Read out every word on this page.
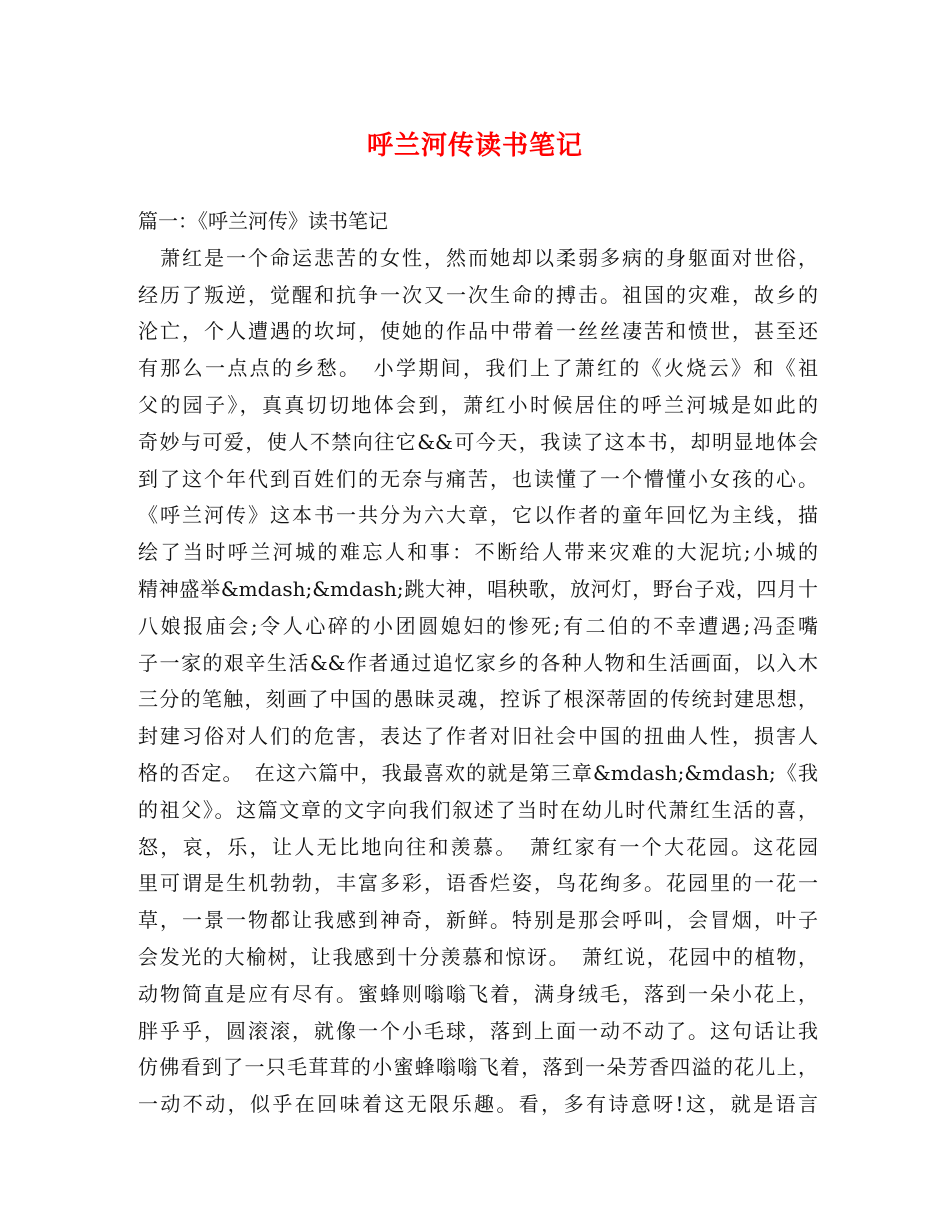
呼兰河传读书笔记
篇一：《呼兰河传》读书笔记
　萧红是一个命运悲苦的女性，然而她却以柔弱多病的身躯面对世俗，
经历了叛逆，觉醒和抗争一次又一次生命的搏击。祖国的灾难，故乡的
沦亡，个人遭遇的坎坷，使她的作品中带着一丝丝凄苦和愤世，甚至还
有那么一点点的乡愁。　小学期间，我们上了萧红的《火烧云》和《祖
父的园子》，真真切切地体会到，萧红小时候居住的呼兰河城是如此的
奇妙与可爱，使人不禁向往它&&可今天，我读了这本书，却明显地体会
到了这个年代到百姓们的无奈与痛苦，也读懂了一个懵懂小女孩的心。
《呼兰河传》这本书一共分为六大章，它以作者的童年回忆为主线，描
绘了当时呼兰河城的难忘人和事：不断给人带来灾难的大泥坑;小城的
精神盛举&mdash;&mdash;跳大神，唱秧歌，放河灯，野台子戏，四月十
八娘报庙会;令人心碎的小团圆媳妇的惨死;有二伯的不幸遭遇;冯歪嘴
子一家的艰辛生活&&作者通过追忆家乡的各种人物和生活画面，以入木
三分的笔触，刻画了中国的愚昧灵魂，控诉了根深蒂固的传统封建思想，
封建习俗对人们的危害，表达了作者对旧社会中国的扭曲人性，损害人
格的否定。　在这六篇中，我最喜欢的就是第三章&mdash;&mdash;《我
的祖父》。这篇文章的文字向我们叙述了当时在幼儿时代萧红生活的喜，
怒，哀，乐，让人无比地向往和羡慕。　萧红家有一个大花园。这花园
里可谓是生机勃勃，丰富多彩，语香烂姿，鸟花绚多。花园里的一花一
草，一景一物都让我感到神奇，新鲜。特别是那会呼叫，会冒烟，叶子
会发光的大榆树，让我感到十分羡慕和惊讶。　萧红说，花园中的植物，
动物简直是应有尽有。蜜蜂则嗡嗡飞着，满身绒毛，落到一朵小花上，
胖乎乎，圆滚滚，就像一个小毛球，落到上面一动不动了。这句话让我
仿佛看到了一只毛茸茸的小蜜蜂嗡嗡飞着，落到一朵芳香四溢的花儿上，
一动不动，似乎在回味着这无限乐趣。看，多有诗意呀!这，就是语言
